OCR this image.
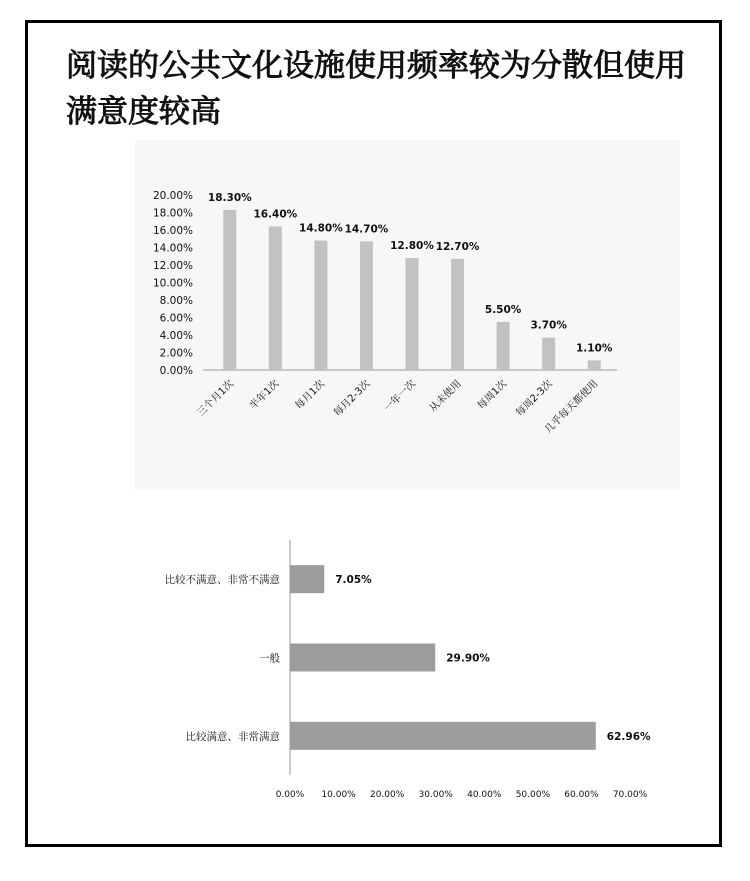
阅读的公共文化设施使用频率较为分散但使用满意度较高
0.00%
2.00%
4.00%
6.00%
8.00%
10.00%
12.00%
14.00%
16.00%
18.00%
20.00% 18.30%
三个月1次
16.40%
半年1次
14.80%
每月1次
14.70%
每月2-3次
12.80%
一年一次
12.70%
从未使用
5.50%
每周1次
3.70%
每周2-3次
1.10%
几乎每天都使用
0.00% 10.00% 20.00% 30.00% 40.00% 50.00% 60.00% 70.00%
7.05%
比较不满意、非常不满意
29.90%
一般
62.96%
比较满意、非常满意
